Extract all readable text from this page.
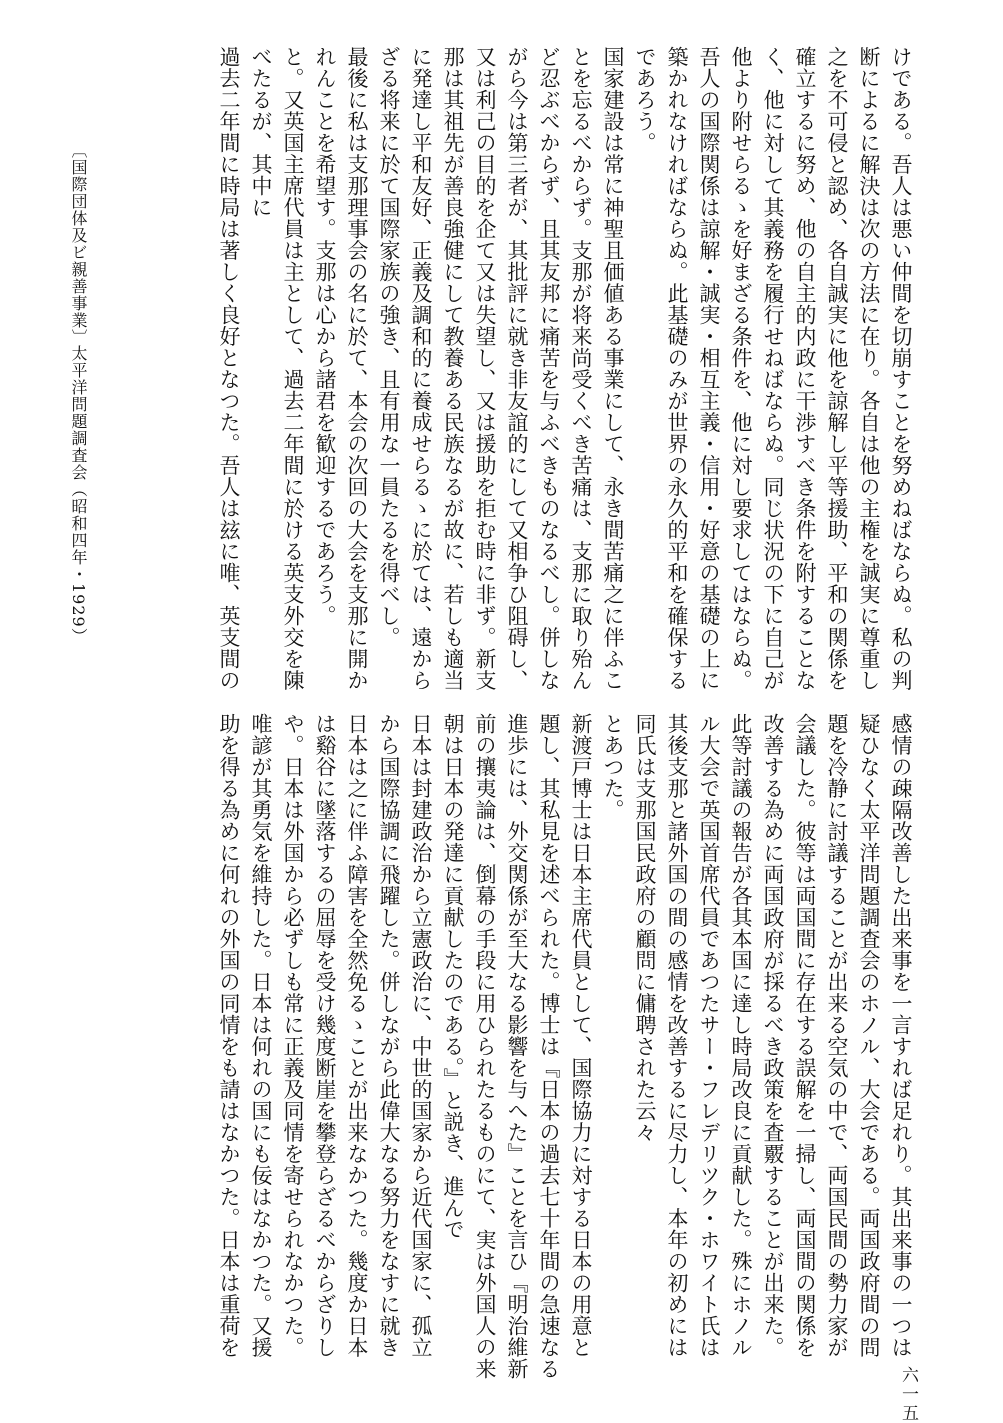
けである。吾人は悪い仲間を切崩すことを努めねばならぬ。私の判

断によるに解決は次の方法に在り。各自は他の主権を誠実に尊重し

之を不可侵と認め、各自誠実に他を諒解し平等援助、平和の関係を

確立するに努め、他の自主的内政に干渉すべき条件を附することな

く、他に対して其義務を履行せねばならぬ。同じ状況の下に自己が

他より附せらるゝを好まざる条件を、他に対し要求してはならぬ。

吾人の国際関係は諒解・誠実・相互主義・信用・好意の基礎の上に

築かれなければならぬ。此基礎のみが世界の永久的平和を確保する

であろう。

国家建設は常に神聖且価値ある事業にして、永き間苦痛之に伴ふこ

とを忘るべからず。支那が将来尚受くべき苦痛は、支那に取り殆ん

ど忍ぶべからず、且其友邦に痛苦を与ふべきものなるべし。併しな

がら今は第三者が、其批評に就き非友誼的にして又相争ひ阻碍し、

又は利己の目的を企て又は失望し、又は援助を拒む時に非ず。新支

那は其祖先が善良強健にして教養ある民族なるが故に、若しも適当

に発達し平和友好、正義及調和的に養成せらるゝに於ては、遠から

ざる将来に於て国際家族の強き、且有用な一員たるを得べし。

最後に私は支那理事会の名に於て、本会の次回の大会を支那に開か

れんことを希望す。支那は心から諸君を歓迎するであろう。

と。又英国主席代員は主として、過去二年間に於ける英支外交を陳

べたるが、其中に

過去二年間に時局は著しく良好となつた。吾人は玆に唯、英支間の

感情の疎隔改善した出来事を一言すれば足れり。其出来事の一つは

疑ひなく太平洋問題調査会のホノル、大会である。両国政府間の問

題を冷静に討議することが出来る空気の中で、両国民間の勢力家が

会議した。彼等は両国間に存在する誤解を一掃し、両国間の関係を

改善する為めに両国政府が採るべき政策を査覈することが出来た。

此等討議の報告が各其本国に達し時局改良に貢献した。殊にホノル

ル大会で英国首席代員であつたサー・フレデリツク・ホワイト氏は

其後支那と諸外国の間の感情を改善するに尽力し、本年の初めには

同氏は支那国民政府の顧問に傭聘された云々

とあつた。

新渡戸博士は日本主席代員として、国際協力に対する日本の用意と

題し、其私見を述べられた。博士は『日本の過去七十年間の急速なる

進歩には、外交関係が至大なる影響を与へた』ことを言ひ『明治維新

前の攘夷論は、倒幕の手段に用ひられたるものにて、実は外国人の来

朝は日本の発達に貢献したのである。』と説き、進んで

日本は封建政治から立憲政治に、中世的国家から近代国家に、孤立

から国際協調に飛躍した。併しながら此偉大なる努力をなすに就き

日本は之に伴ふ障害を全然免るゝことが出来なかつた。幾度か日本

は谿谷に墜落するの屈辱を受け幾度断崖を攀登らざるべからざりし

や。日本は外国から必ずしも常に正義及同情を寄せられなかつた。

唯諺が其勇気を維持した。日本は何れの国にも佞はなかつた。又援

助を得る為めに何れの外国の同情をも請はなかつた。日本は重荷を

〔国際団体及ビ親善事業〕
太平洋問題調査会（昭和四年・1929）
六一五
